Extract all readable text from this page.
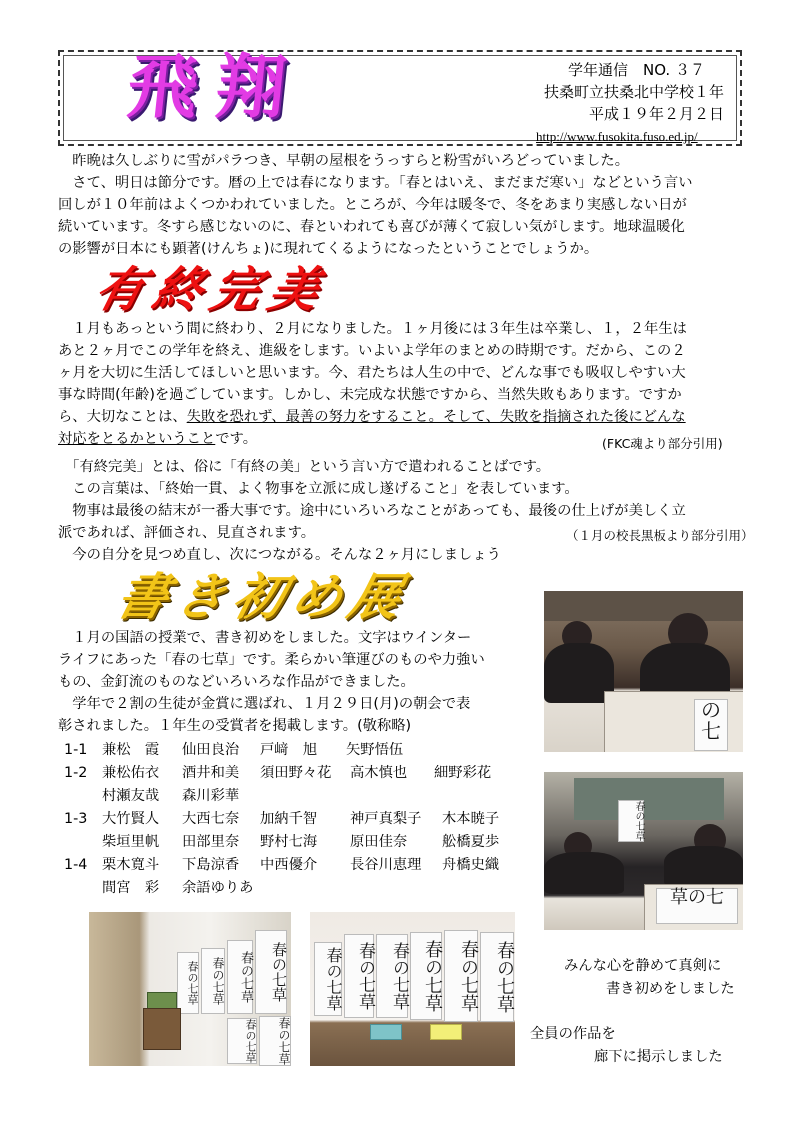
飛翔	学年通信　NO. ３７
扶桑町立扶桑北中学校１年
平成１９年２月２日
http://www.fusokita.fuso.ed.jp/

　昨晩は久しぶりに雪がパラつき、早朝の屋根をうっすらと粉雪がいろどっていました。

　さて、明日は節分です。暦の上では春になります。「春とはいえ、まだまだ寒い」などという言い

回しが１０年前はよくつかわれていました。ところが、今年は暖冬で、冬をあまり実感しない日が

続いています。冬すら感じないのに、春といわれても喜びが薄くて寂しい気がします。地球温暖化

の影響が日本にも顕著(けんちょ)に現れてくるようになったということでしょうか。

有終完美

　１月もあっという間に終わり、２月になりました。１ヶ月後には３年生は卒業し、１，２年生は

あと２ヶ月でこの学年を終え、進級をします。いよいよ学年のまとめの時期です。だから、この２

ヶ月を大切に生活してほしいと思います。今、君たちは人生の中で、どんな事でも吸収しやすい大

事な時間(年齢)を過ごしています。しかし、未完成な状態ですから、当然失敗もあります。ですか

ら、大切なことは、失敗を恐れず、最善の努力をすること。そして、失敗を指摘された後にどんな

対応をとるかということです。	(FKC魂より部分引用)

　「有終完美」とは、俗に「有終の美」という言い方で遣われることばです。

　この言葉は、「終始一貫、よく物事を立派に成し遂げること」を表しています。

　物事は最後の結末が一番大事です。途中にいろいろなことがあっても、最後の仕上げが美しく立

派であれば、評価され、見直されます。

　今の自分を見つめ直し、次につながる。そんな２ヶ月にしましょう

（１月の校長黒板より部分引用）
書き初め展

　１月の国語の授業で、書き初めをしました。文字はウインター

ライフにあった「春の七草」です。柔らかい筆運びのものや力強い

もの、金釘流のものなどいろいろな作品ができました。

　学年で２割の生徒が金賞に選ばれ、１月２９日(月)の朝会で表

彰されました。１年生の受賞者を掲載します。(敬称略)

1-1 兼松　霞 仙田良治 戸﨑　旭 矢野悟伍
1-2 兼松佑衣 酒井和美 須田野々花 高木慎也 細野彩花
村瀬友哉 森川彩華
1-3 大竹賢人 大西七奈 加納千智 神戸真梨子 木本暁子
柴垣里帆 田部里奈 野村七海 原田佳奈 舩橋夏歩
1-4 栗木寛斗 下島涼香 中西優介 長谷川恵理 舟橋史織
間宮　彩 余語ゆりあ
の七
春の七草
草の七
春の七草	春の七草	春の七草	春の七草
春の七草	春の七草
春の七草 春の七草 春の七草 春の七草 春の七草 春の七草	みんな心を静めて真剣に
書き初めをしました
全員の作品を
廊下に掲示しました
